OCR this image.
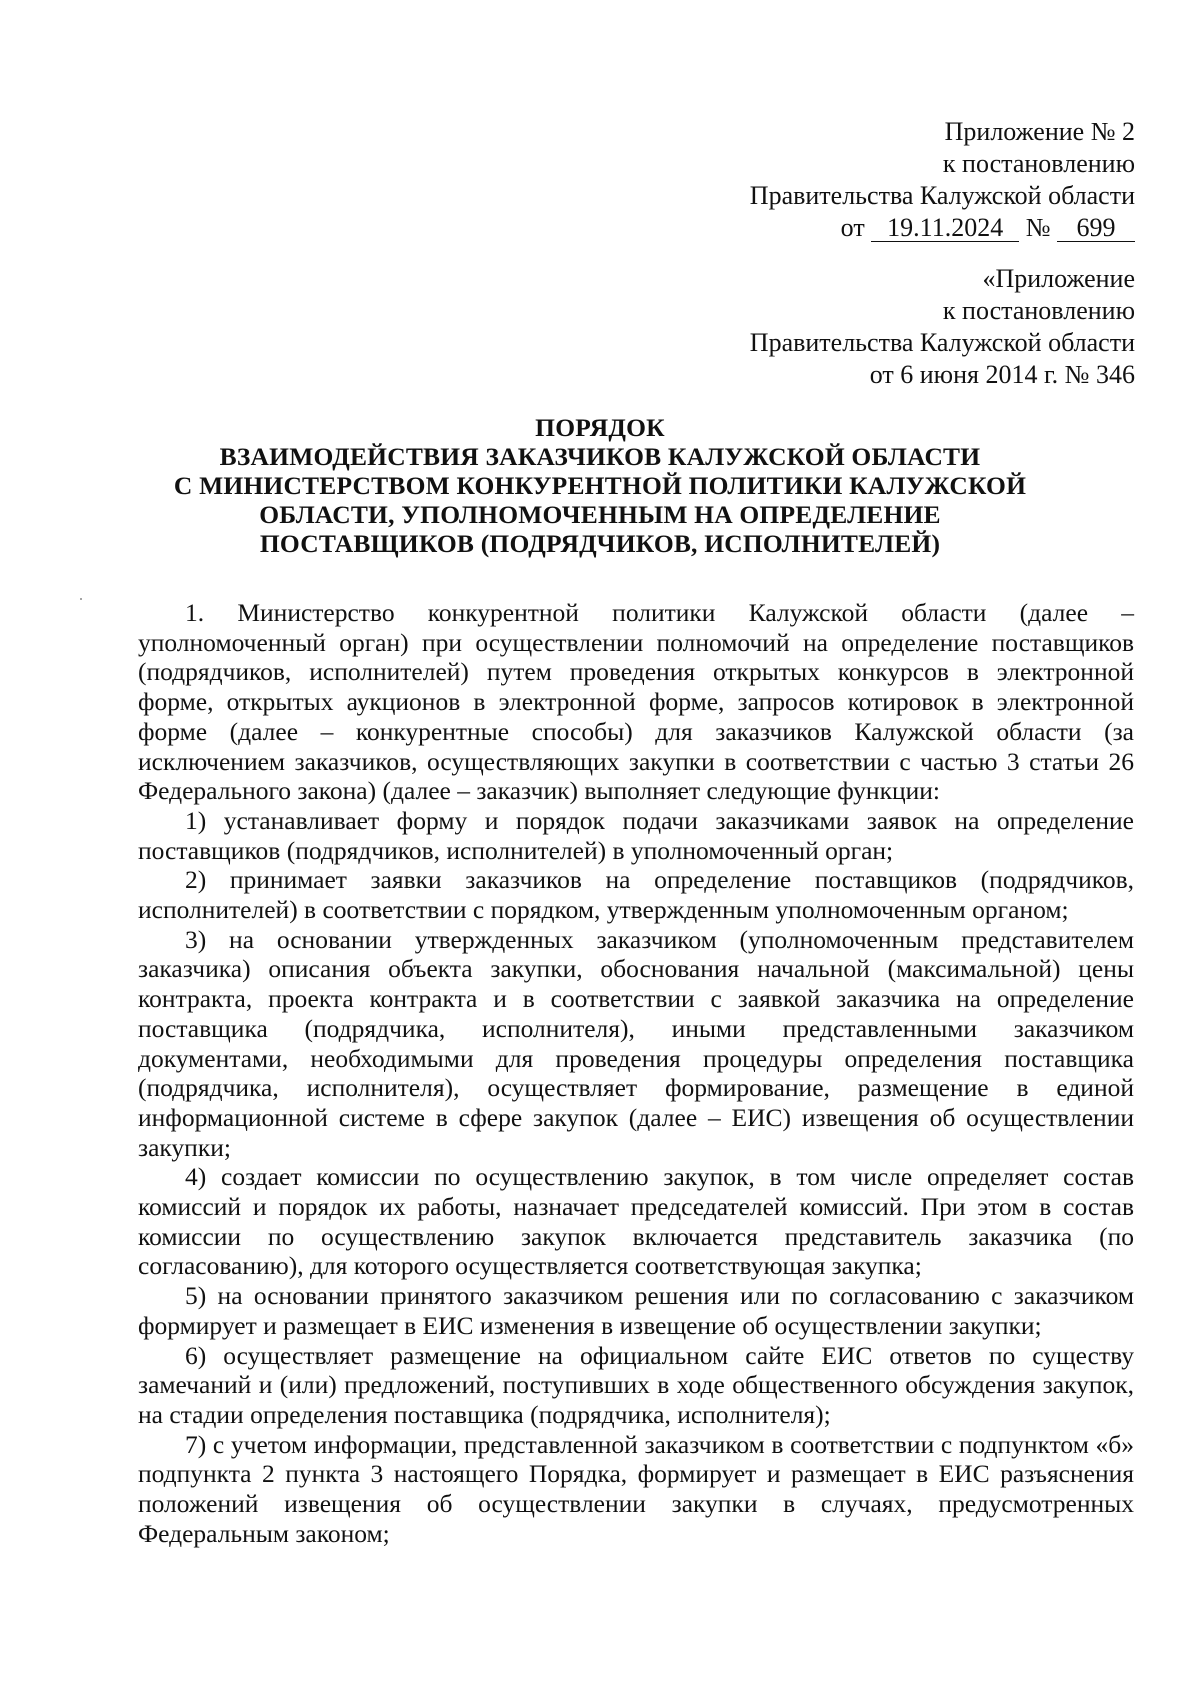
Приложение № 2
к постановлению
Правительства Калужской области
от 19.11.2024 № 699
«Приложение
к постановлению
Правительства Калужской области
от 6 июня 2014 г. № 346
ПОРЯДОК
ВЗАИМОДЕЙСТВИЯ ЗАКАЗЧИКОВ КАЛУЖСКОЙ ОБЛАСТИ
С МИНИСТЕРСТВОМ КОНКУРЕНТНОЙ ПОЛИТИКИ КАЛУЖСКОЙ
ОБЛАСТИ, УПОЛНОМОЧЕННЫМ НА ОПРЕДЕЛЕНИЕ
ПОСТАВЩИКОВ (ПОДРЯДЧИКОВ, ИСПОЛНИТЕЛЕЙ)

1. Министерство конкурентной политики Калужской области (далее – уполномоченный орган) при осуществлении полномочий на определение поставщиков (подрядчиков, исполнителей) путем проведения открытых конкурсов в электронной форме, открытых аукционов в электронной форме, запросов котировок в электронной форме (далее – конкурентные способы) для заказчиков Калужской области (за исключением заказчиков, осуществляющих закупки в соответствии с частью 3 статьи 26 Федерального закона) (далее – заказчик) выполняет следующие функции:

1) устанавливает форму и порядок подачи заказчиками заявок на определение поставщиков (подрядчиков, исполнителей) в уполномоченный орган;

2) принимает заявки заказчиков на определение поставщиков (подрядчиков, исполнителей) в соответствии с порядком, утвержденным уполномоченным органом;

3) на основании утвержденных заказчиком (уполномоченным представителем заказчика) описания объекта закупки, обоснования начальной (максимальной) цены контракта, проекта контракта и в соответствии с заявкой заказчика на определение поставщика (подрядчика, исполнителя), иными представленными заказчиком документами, необходимыми для проведения процедуры определения поставщика (подрядчика, исполнителя), осуществляет формирование, размещение в единой информационной системе в сфере закупок (далее – ЕИС) извещения об осуществлении закупки;

4) создает комиссии по осуществлению закупок, в том числе определяет состав комиссий и порядок их работы, назначает председателей комиссий. При этом в состав комиссии по осуществлению закупок включается представитель заказчика (по согласованию), для которого осуществляется соответствующая закупка;

5) на основании принятого заказчиком решения или по согласованию с заказчиком формирует и размещает в ЕИС изменения в извещение об осуществлении закупки;

6) осуществляет размещение на официальном сайте ЕИС ответов по существу замечаний и (или) предложений, поступивших в ходе общественного обсуждения закупок, на стадии определения поставщика (подрядчика, исполнителя);

7) с учетом информации, представленной заказчиком в соответствии с подпунктом «б» подпункта 2 пункта 3 настоящего Порядка, формирует и размещает в ЕИС разъяснения положений извещения об осуществлении закупки в случаях, предусмотренных Федеральным законом;
